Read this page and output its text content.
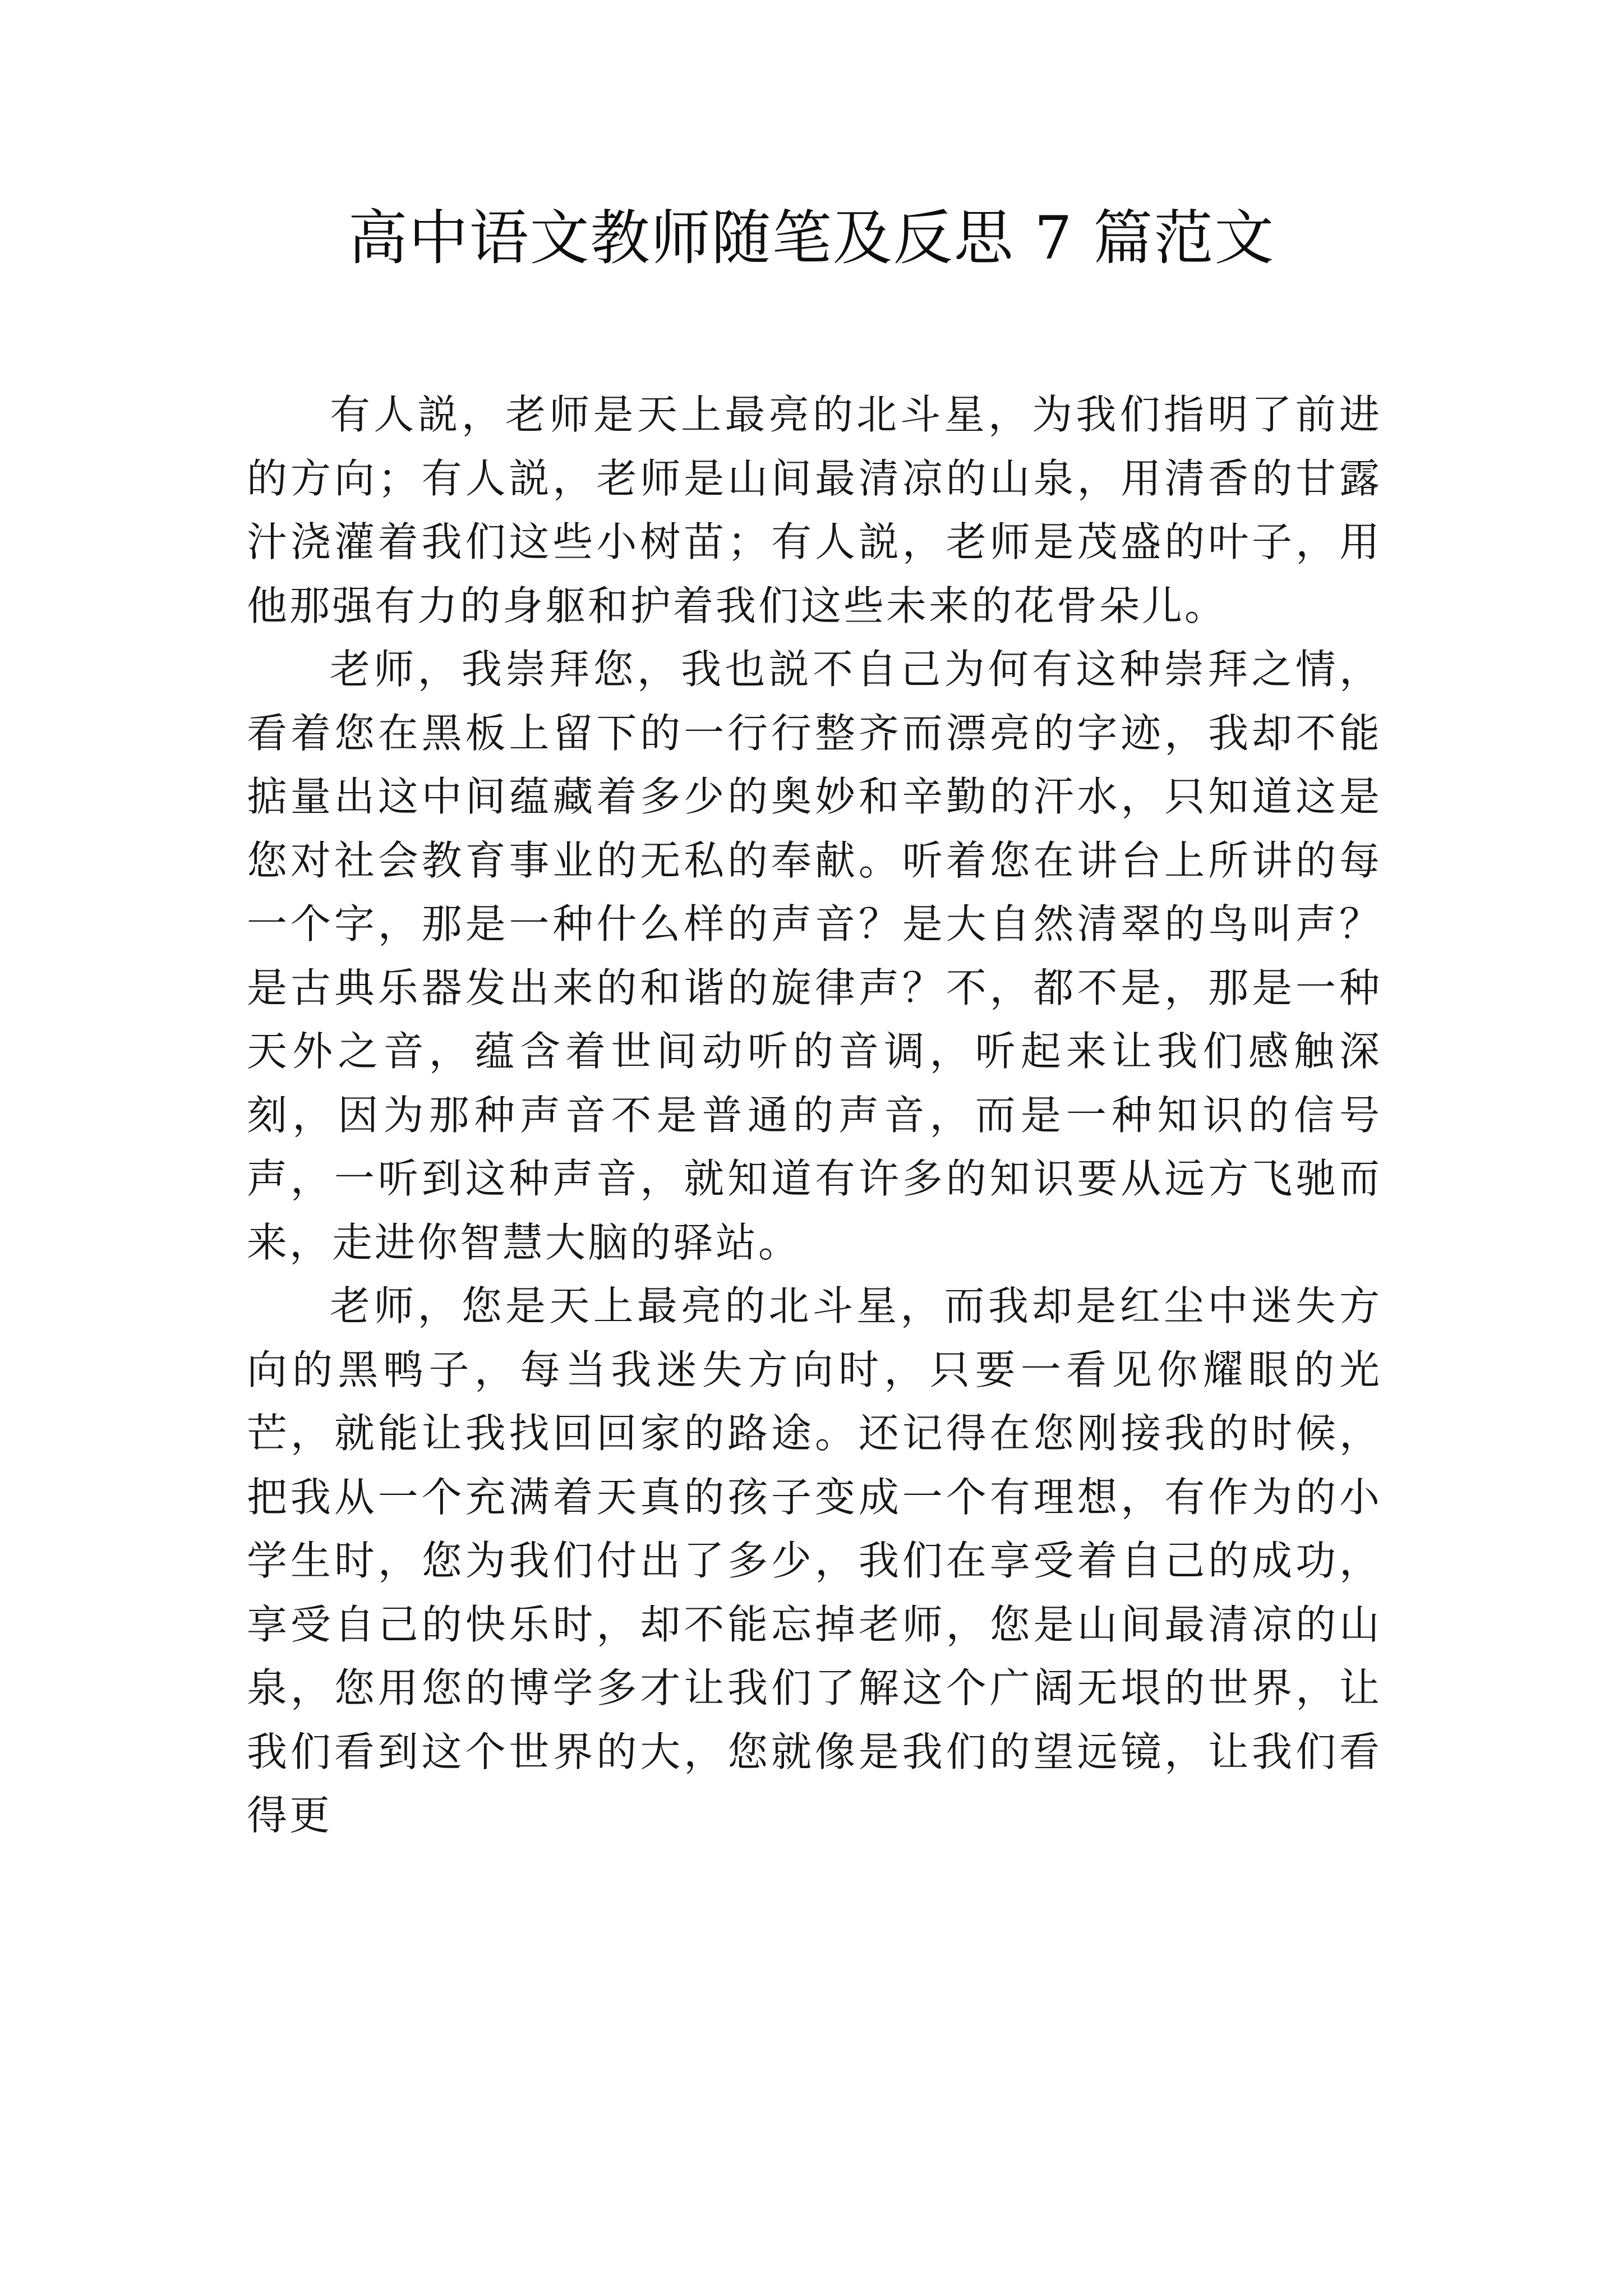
高中语文教师随笔及反思 7 篇范文

有人説，老师是天上最亮的北斗星，为我们指明了前进的方向；有人説，老师是山间最清凉的山泉，用清香的甘露汁浇灌着我们这些小树苗；有人説，老师是茂盛的叶子，用他那强有力的身躯和护着我们这些未来的花骨朵儿。

老师，我崇拜您，我也説不自己为何有这种崇拜之情，看着您在黑板上留下的一行行整齐而漂亮的字迹，我却不能掂量出这中间蕴藏着多少的奥妙和辛勤的汗水，只知道这是您对社会教育事业的无私的奉献。听着您在讲台上所讲的每一个字，那是一种什么样的声音？是大自然清翠的鸟叫声？是古典乐器发出来的和谐的旋律声？不，都不是，那是一种天外之音，蕴含着世间动听的音调，听起来让我们感触深刻，因为那种声音不是普通的声音，而是一种知识的信号声，一听到这种声音，就知道有许多的知识要从远方飞驰而来，走进你智慧大脑的驿站。

老师，您是天上最亮的北斗星，而我却是红尘中迷失方向的黑鸭子，每当我迷失方向时，只要一看见你耀眼的光芒，就能让我找回回家的路途。还记得在您刚接我的时候，把我从一个充满着天真的孩子变成一个有理想，有作为的小学生时，您为我们付出了多少，我们在享受着自己的成功，享受自己的快乐时，却不能忘掉老师，您是山间最清凉的山泉，您用您的博学多才让我们了解这个广阔无垠的世界，让我们看到这个世界的大，您就像是我们的望远镜，让我们看得更
